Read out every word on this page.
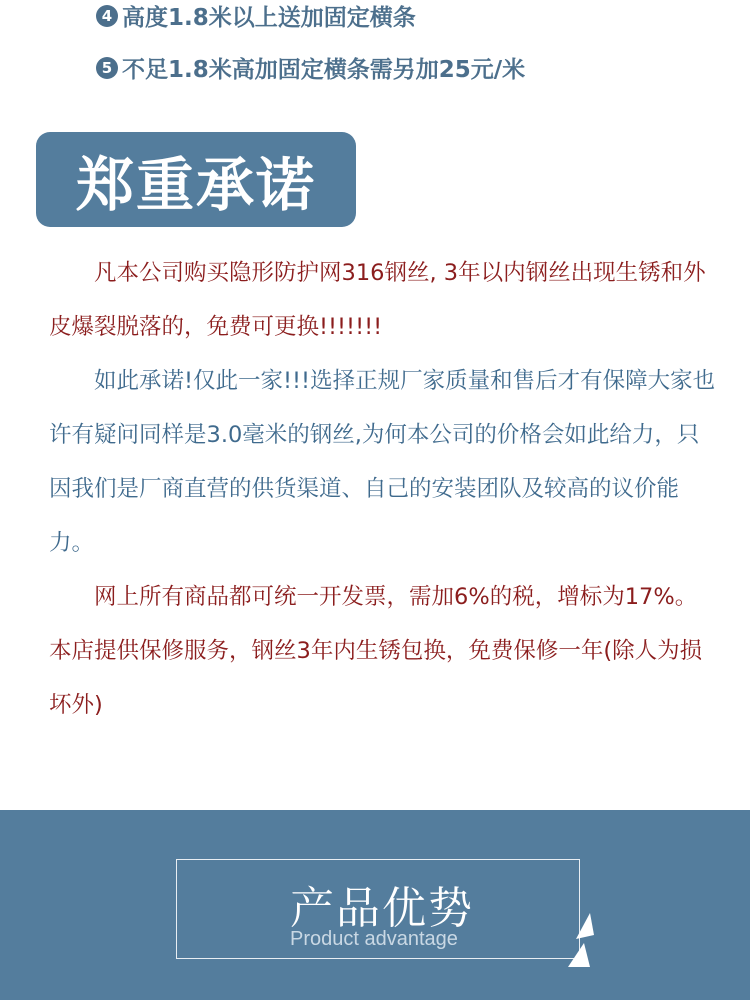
4 高度1.8米以上送加固定横条
5 不足1.8米高加固定横条需另加25元/米
郑重承诺

凡本公司购买隐形防护网316钢丝, 3年以内钢丝出现生锈和外皮爆裂脱落的，免费可更换!!!!!!!

如此承诺!仅此一家!!!选择正规厂家质量和售后才有保障大家也许有疑问同样是3.0毫米的钢丝,为何本公司的价格会如此给力，只因我们是厂商直营的供货渠道、自己的安装团队及较高的议价能力。

网上所有商品都可统一开发票，需加6%的税，增标为17%。本店提供保修服务，钢丝3年内生锈包换，免费保修一年(除人为损坏外)

产品优势
Product advantage
